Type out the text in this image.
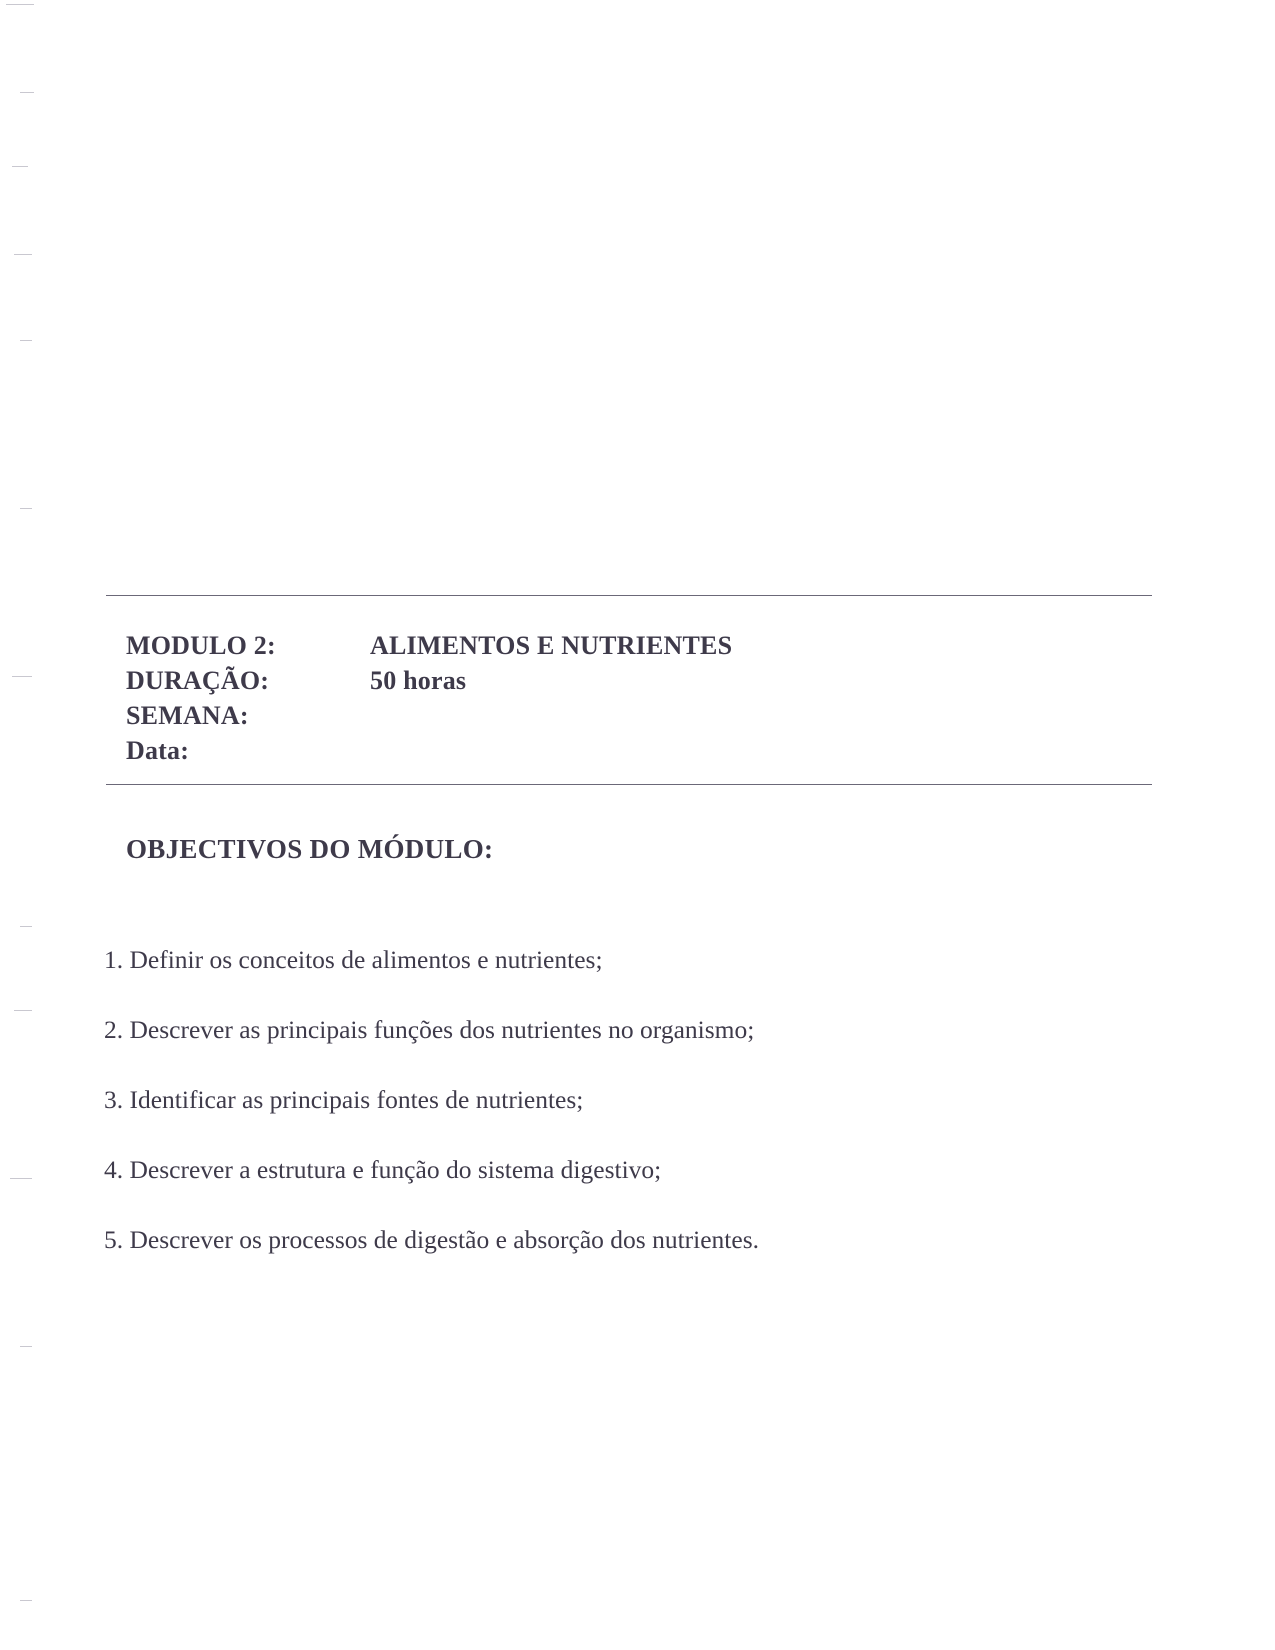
MODULO 2:	ALIMENTOS E NUTRIENTES
DURAÇÃO:	50 horas
SEMANA:
Data:
OBJECTIVOS DO MÓDULO:
1. Definir os conceitos de alimentos e nutrientes;
2. Descrever as principais funções dos nutrientes no organismo;
3. Identificar as principais fontes de nutrientes;
4. Descrever a estrutura e função do sistema digestivo;
5. Descrever os processos de digestão e absorção dos nutrientes.
